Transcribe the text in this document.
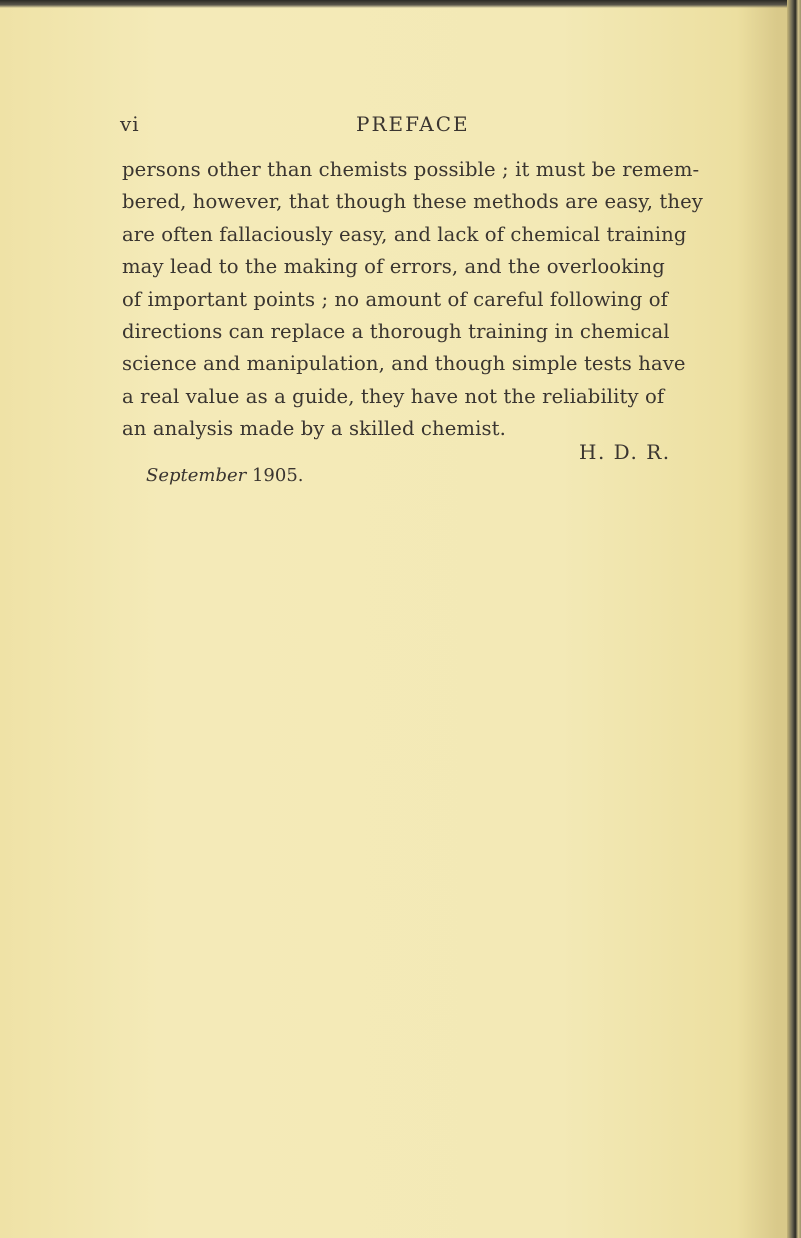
vi	PREFACE
persons other than chemists possible ; it must be remem-
bered, however, that though these methods are easy, they
are often fallaciously easy, and lack of chemical training
may lead to the making of errors, and the overlooking
of important points ; no amount of careful following of
directions can replace a thorough training in chemical
science and manipulation, and though simple tests have
a real value as a guide, they have not the reliability of
an analysis made by a skilled chemist.
H. D. R.
September 1905.
